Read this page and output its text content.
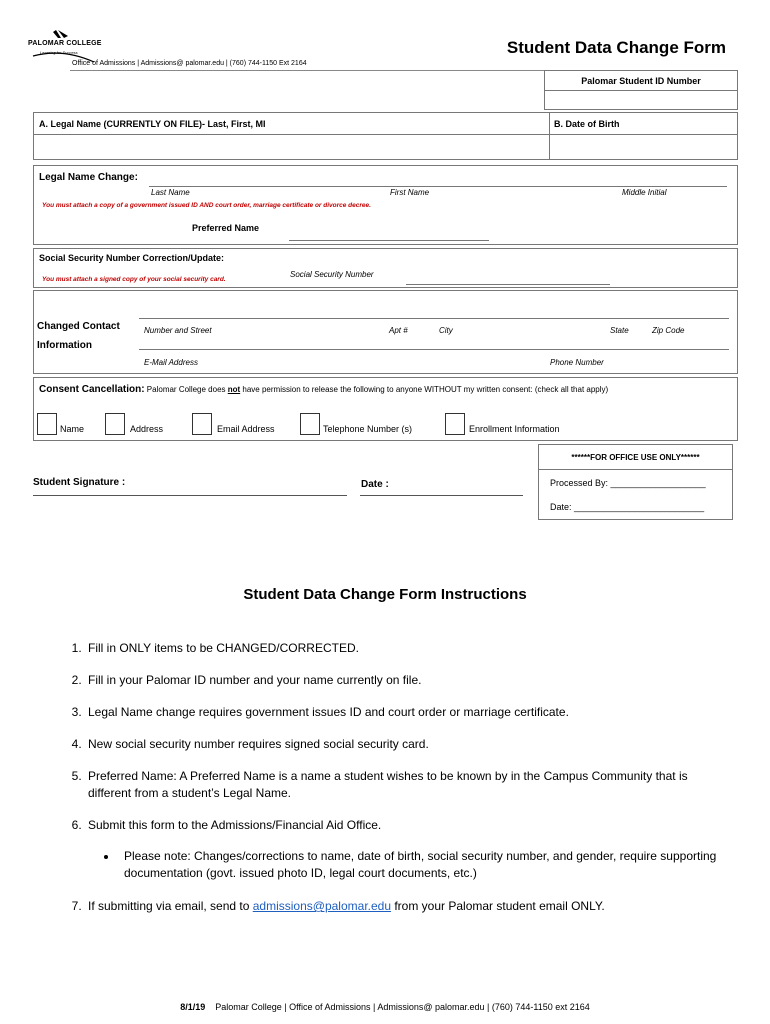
PALOMAR COLLEGE
Learning for Success	Student Data Change Form
Office of Admissions | Admissions@ palomar.edu | (760) 744-1150 Ext 2164
Palomar Student ID Number
A. Legal Name (CURRENTLY ON FILE)- Last, First, MI	B. Date of Birth
Legal Name Change:
Last Name	First Name	Middle Initial
You must attach a copy of a government issued ID AND court order, marriage certificate or divorce decree.
Preferred Name
Social Security Number Correction/Update:
You must attach a signed copy of your social security card.
Social Security Number
Changed Contact
Information
Number and Street	Apt #	City	State	Zip Code
E-Mail Address	Phone Number
Consent Cancellation: Palomar College does not have permission to release the following to anyone WITHOUT my written consent: (check all that apply)
Name	Address	Email Address	Telephone Number (s)	Enrollment Information
******FOR OFFICE USE ONLY******
Processed By: ___________________
Date: __________________________
Student Signature :	Date :
Student Data Change Form Instructions
1. Fill in ONLY items to be CHANGED/CORRECTED.
2. Fill in your Palomar ID number and your name currently on file.
3. Legal Name change requires government issues ID and court order or marriage certificate.
4. New social security number requires signed social security card.
5. Preferred Name: A Preferred Name is a name a student wishes to be known by in the Campus Community that is different from a student’s Legal Name.
6. Submit this form to the Admissions/Financial Aid Office.
• Please note: Changes/corrections to name, date of birth, social security number, and gender, require supporting documentation (govt. issued photo ID, legal court documents, etc.)
7. If submitting via email, send to admissions@palomar.edu from your Palomar student email ONLY.
8/1/19 Palomar College | Office of Admissions | Admissions@ palomar.edu | (760) 744-1150 ext 2164
